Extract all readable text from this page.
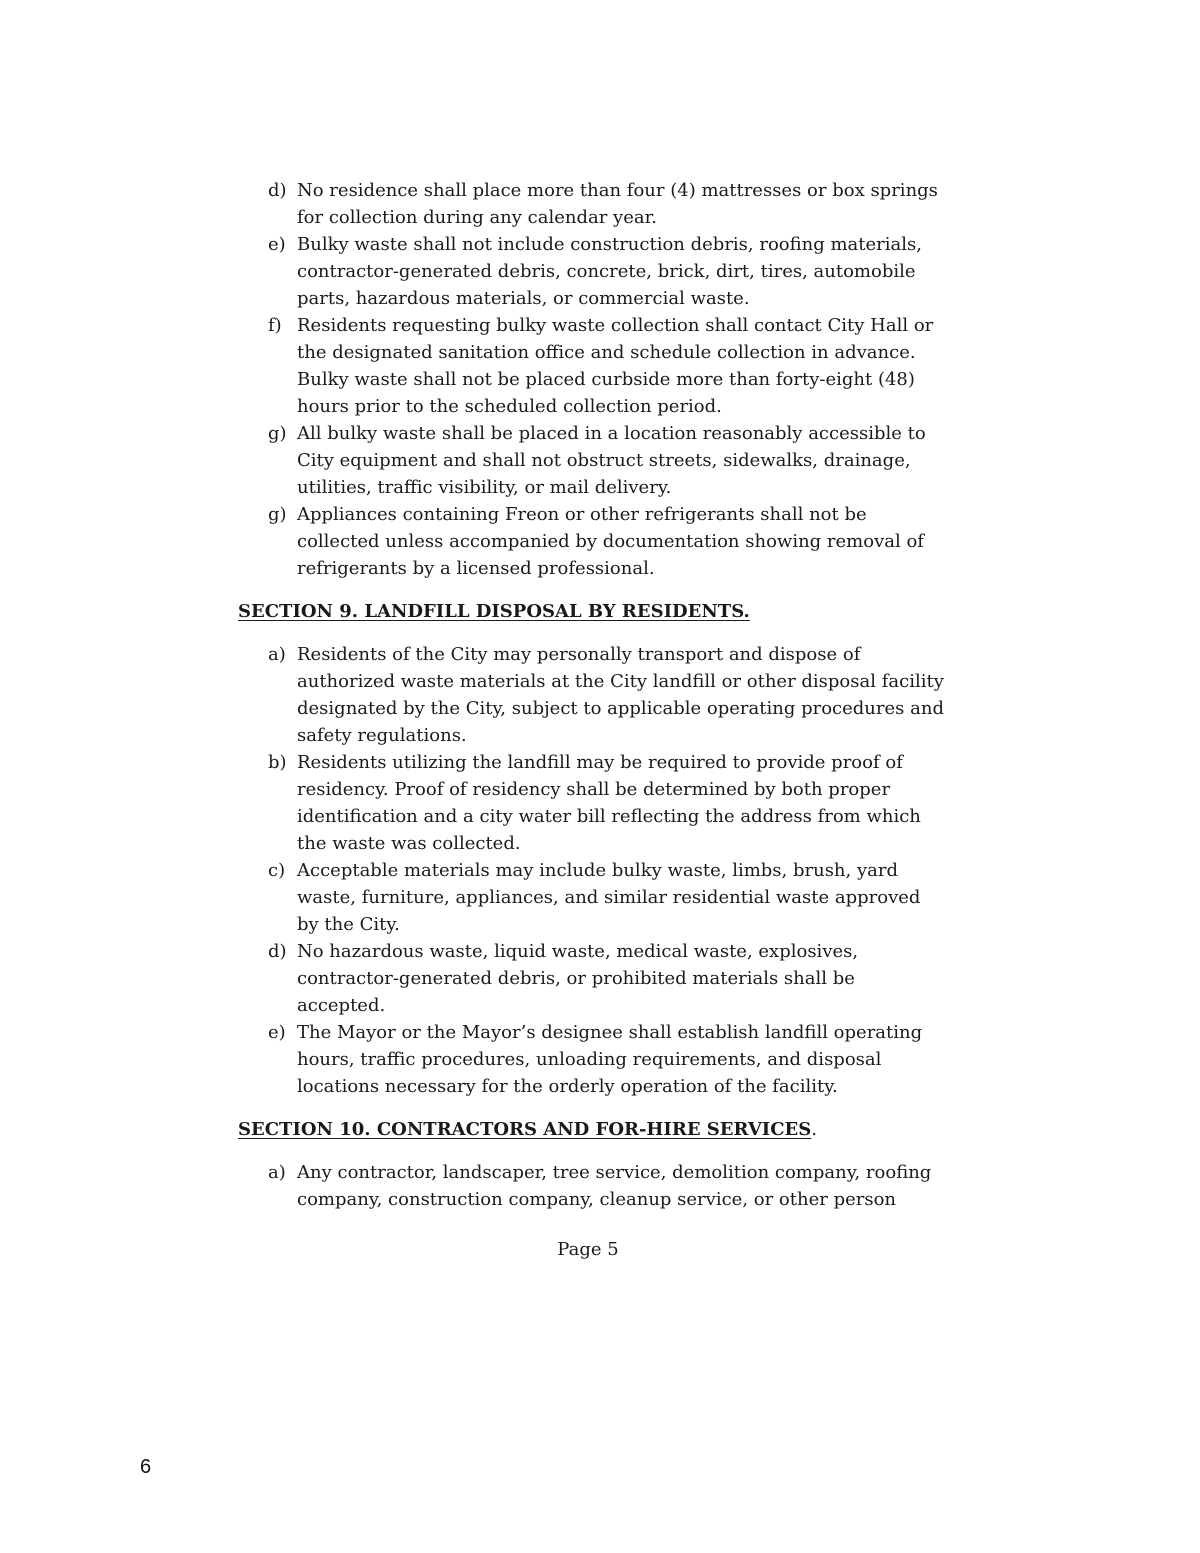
d) No residence shall place more than four (4) mattresses or box springs for collection during any calendar year.
e) Bulky waste shall not include construction debris, roofing materials, contractor-generated debris, concrete, brick, dirt, tires, automobile parts, hazardous materials, or commercial waste.
f) Residents requesting bulky waste collection shall contact City Hall or the designated sanitation office and schedule collection in advance. Bulky waste shall not be placed curbside more than forty-eight (48) hours prior to the scheduled collection period.
g) All bulky waste shall be placed in a location reasonably accessible to City equipment and shall not obstruct streets, sidewalks, drainage, utilities, traffic visibility, or mail delivery.
g) Appliances containing Freon or other refrigerants shall not be collected unless accompanied by documentation showing removal of refrigerants by a licensed professional.
SECTION 9. LANDFILL DISPOSAL BY RESIDENTS.
a) Residents of the City may personally transport and dispose of authorized waste materials at the City landfill or other disposal facility designated by the City, subject to applicable operating procedures and safety regulations.
b) Residents utilizing the landfill may be required to provide proof of residency. Proof of residency shall be determined by both proper identification and a city water bill reflecting the address from which the waste was collected.
c) Acceptable materials may include bulky waste, limbs, brush, yard waste, furniture, appliances, and similar residential waste approved by the City.
d) No hazardous waste, liquid waste, medical waste, explosives, contractor-generated debris, or prohibited materials shall be accepted.
e) The Mayor or the Mayor’s designee shall establish landfill operating hours, traffic procedures, unloading requirements, and disposal locations necessary for the orderly operation of the facility.
SECTION 10. CONTRACTORS AND FOR-HIRE SERVICES.
a) Any contractor, landscaper, tree service, demolition company, roofing company, construction company, cleanup service, or other person
Page 5
6
